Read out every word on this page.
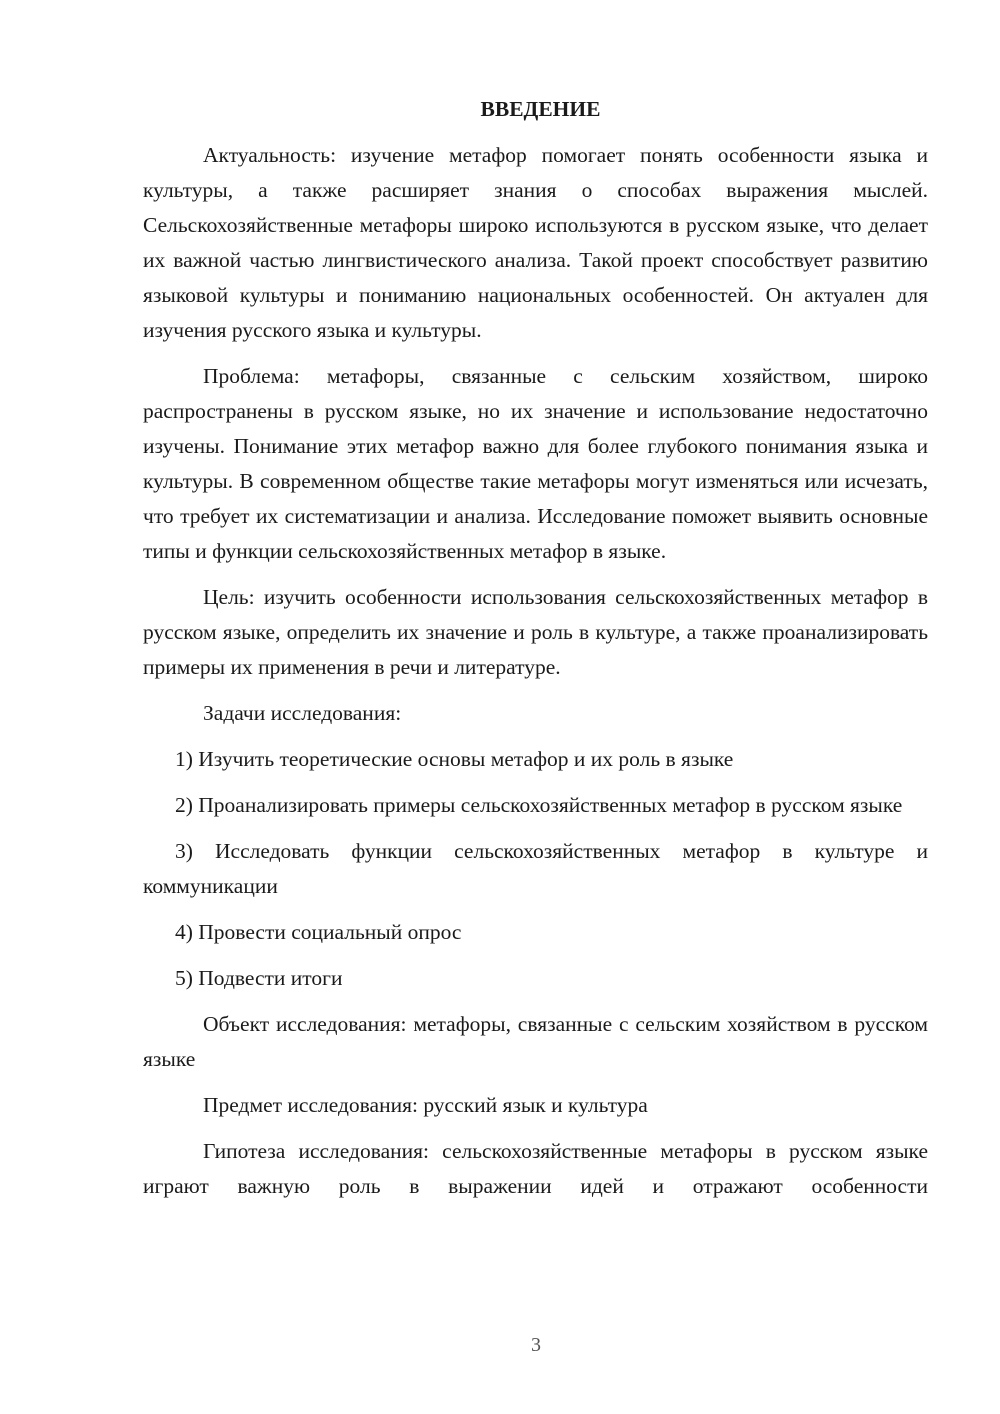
ВВЕДЕНИЕ

Актуальность: изучение метафор помогает понять особенности языка и культуры, а также расширяет знания о способах выражения мыслей. Сельскохозяйственные метафоры широко используются в русском языке, что делает их важной частью лингвистического анализа. Такой проект способствует развитию языковой культуры и пониманию национальных особенностей. Он актуален для изучения русского языка и культуры.

Проблема: метафоры, связанные с сельским хозяйством, широко распространены в русском языке, но их значение и использование недостаточно изучены. Понимание этих метафор важно для более глубокого понимания языка и культуры. В современном обществе такие метафоры могут изменяться или исчезать, что требует их систематизации и анализа. Исследование поможет выявить основные типы и функции сельскохозяйственных метафор в языке.

Цель: изучить особенности использования сельскохозяйственных метафор в русском языке, определить их значение и роль в культуре, а также проанализировать примеры их применения в речи и литературе.

Задачи исследования:

1) Изучить теоретические основы метафор и их роль в языке

2) Проанализировать примеры сельскохозяйственных метафор в русском языке

3) Исследовать функции сельскохозяйственных метафор в культуре и коммуникации

4) Провести социальный опрос

5) Подвести итоги

Объект исследования: метафоры, связанные с сельским хозяйством в русском языке

Предмет исследования: русский язык и культура

Гипотеза исследования: сельскохозяйственные метафоры в русском языке играют важную роль в выражении идей и отражают особенности

3
